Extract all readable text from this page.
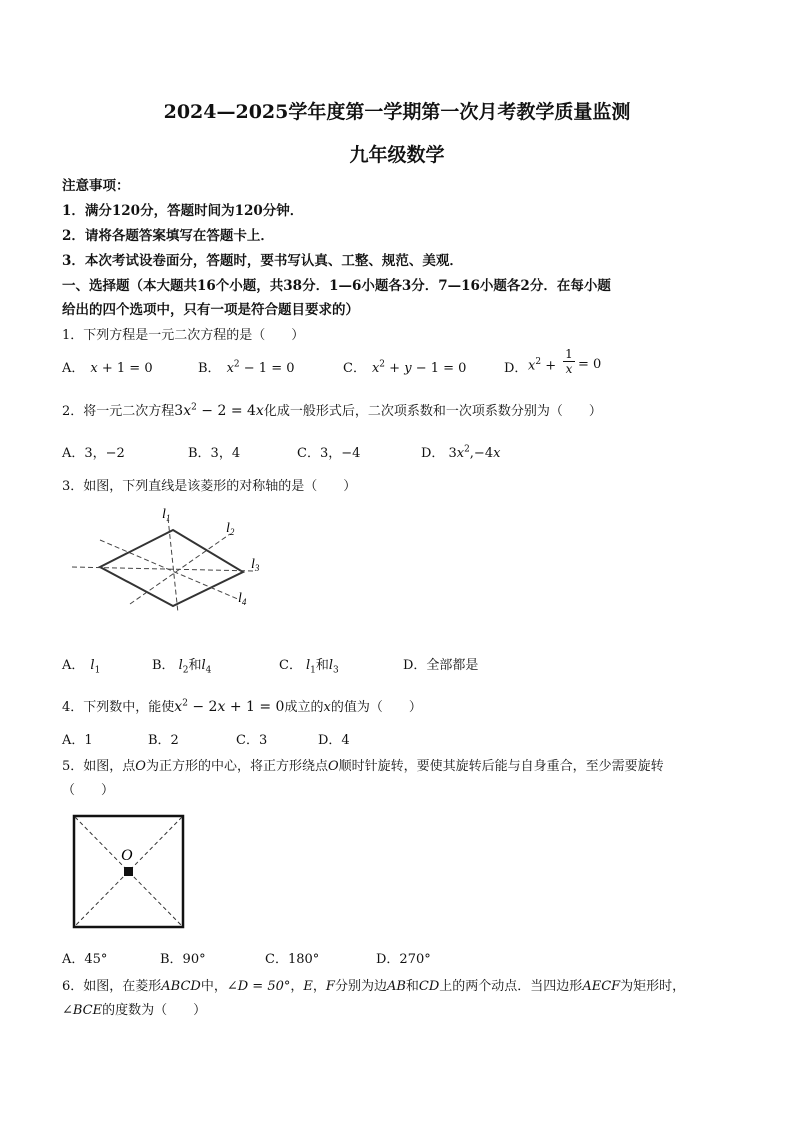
2024—2025学年度第一学期第一次月考教学质量监测
九年级数学
注意事项：
1．满分120分，答题时间为120分钟．
2．请将各题答案填写在答题卡上．
3．本次考试设卷面分，答题时，要书写认真、工整、规范、美观．
一、选择题（本大题共16个小题，共38分．1—6小题各3分．7—16小题各2分．在每小题
给出的四个选项中，只有一项是符合题目要求的）
1．下列方程是一元二次方程的是（　　）
A． x + 1 = 0	B． $x^2 - 1 = 0$	C． $x^2 + y - 1 = 0$	D． $x^2$ +
1

x = 0
2．将一元二次方程$3x^2 - 2 = 4x$化成一般形式后，二次项系数和一次项系数分别为（　　）
A．3，−2	B．3，4	C．3，−4	D． $3x^2,-4x$
3．如图，下列直线是该菱形的对称轴的是（　　）
$l_1$
$l_2$
$l_3$
$l_4$
A． $l_1$	B． $l_2$和$l_4$	C． $l_1$和$l_3$	D．全部都是
4．下列数中，能使$x^2 - 2x + 1 = 0$成立的x的值为（　　）
A．1	B．2	C．3	D．4
5．如图，点O为正方形的中心，将正方形绕点O顺时针旋转，要使其旋转后能与自身重合，至少需要旋转
（　　）
O
A．45°	B．90°	C．180°	D．270°
6．如图，在菱形ABCD中，∠D = 50°，E，F分别为边AB和CD上的两个动点．当四边形AECF为矩形时，
∠BCE的度数为（　　）
